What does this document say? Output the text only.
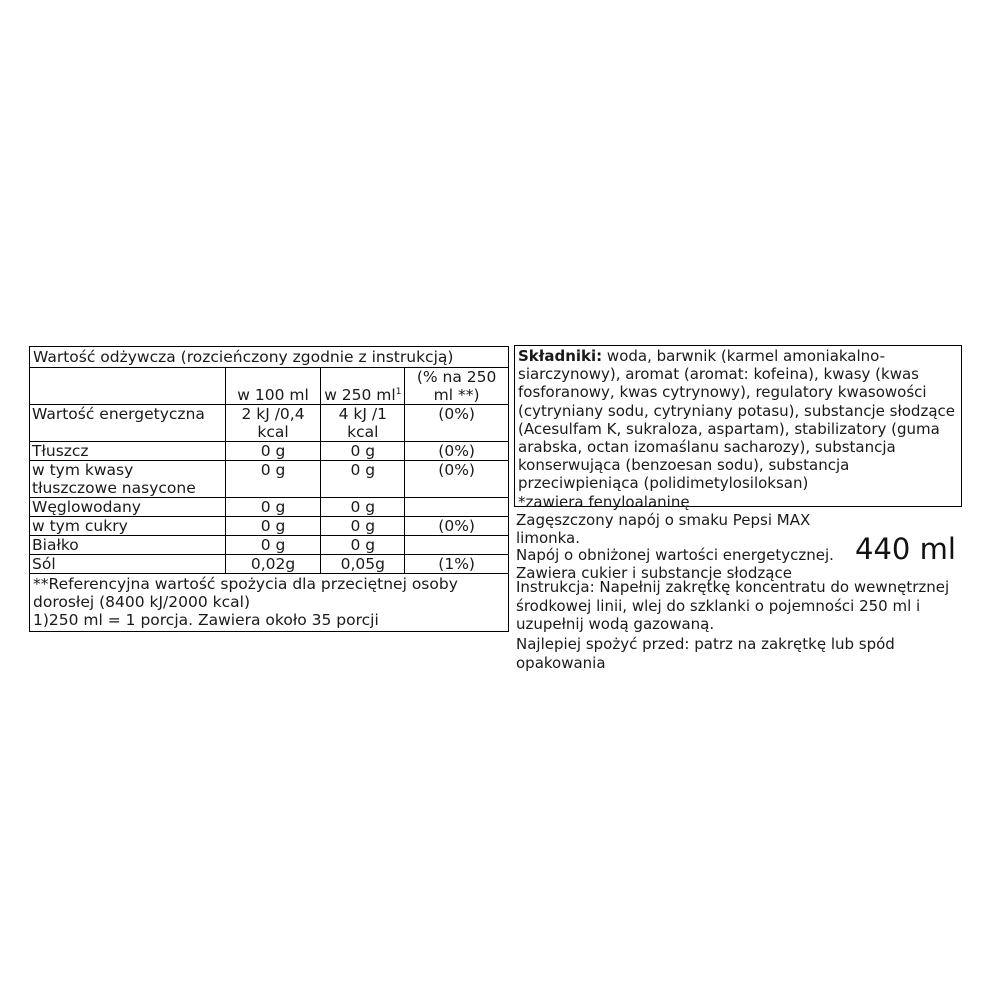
Wartość odżywcza (rozcieńczony zgodnie z instrukcją)			
	w 100 ml	w 250 $ml^1$	(% na 250 ml **)
Wartość energetyczna	2 kJ /0,4 kcal	4 kJ /1 kcal	(0%)
Tłuszcz	0 g	0 g	(0%)
w tym kwasy tłuszczowe nasycone	0 g	0 g	(0%)
Węglowodany	0 g	0 g	
w tym cukry	0 g	0 g	(0%)
Białko	0 g	0 g	
Sól	0,02g	0,05g	(1%)

**Referencyjna wartość spożycia dla przeciętnej osoby dorosłej (8400 kJ/2000 kcal)
1)250 ml = 1 porcja. Zawiera około 35 porcji			
Składniki: woda, barwnik (karmel amoniakalno-siarczynowy), aromat (aromat: kofeina), kwasy (kwas fosforanowy, kwas cytrynowy), regulatory kwasowości (cytryniany sodu, cytryniany potasu), substancje słodzące (Acesulfam K, sukraloza, aspartam), stabilizatory (guma arabska, octan izomaślanu sacharozy), substancja konserwująca (benzoesan sodu), substancja przeciwpieniąca (polidimetylosiloksan)
*zawiera fenyloalaninę
Zagęszczony napój o smaku Pepsi MAX limonka.
Napój o obniżonej wartości energetycznej.
Zawiera cukier i substancje słodzące
440 ml
Instrukcja: Napełnij zakrętkę koncentratu do wewnętrznej środkowej linii, wlej do szklanki o pojemności 250 ml i uzupełnij wodą gazowaną.
Najlepiej spożyć przed: patrz na zakrętkę lub spód opakowania
